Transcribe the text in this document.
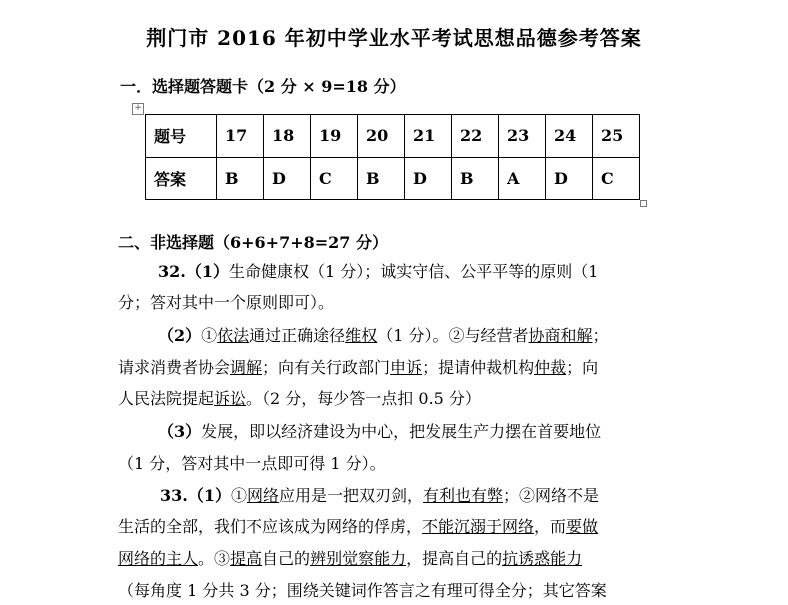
荆门市 2016 年初中学业水平考试思想品德参考答案
一．选择题答题卡（2 分 × 9=18 分）
+
题号	17	18	19	20	21	22	23	24	25
答案	B	D	C	B	D	B	A	D	C
二、非选择题（6+6+7+8=27 分）
32.（1）生命健康权（1 分）；诚实守信、公平平等的原则（1
分；答对其中一个原则即可）。
（2）①依法通过正确途径维权（1 分）。②与经营者协商和解；
请求消费者协会调解；向有关行政部门申诉；提请仲裁机构仲裁；向
人民法院提起诉讼。（2 分，每少答一点扣 0.5 分）
（3）发展，即以经济建设为中心，把发展生产力摆在首要地位
（1 分，答对其中一点即可得 1 分）。
33.（1）①网络应用是一把双刃剑，有利也有弊；②网络不是
生活的全部，我们不应该成为网络的俘虏，不能沉溺于网络，而要做
网络的主人。③提高自己的辨别觉察能力，提高自己的抗诱惑能力
（每角度 1 分共 3 分；围绕关键词作答言之有理可得全分；其它答案
